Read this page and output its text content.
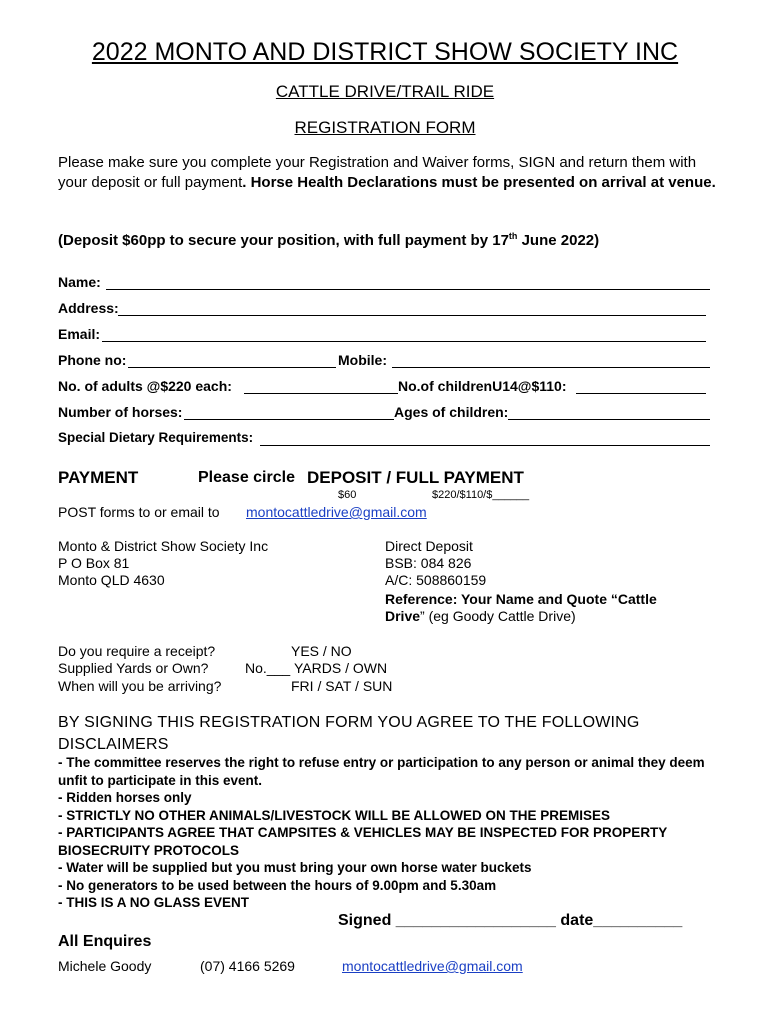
2022 MONTO AND DISTRICT SHOW SOCIETY INC
CATTLE DRIVE/TRAIL RIDE
REGISTRATION FORM
Please make sure you complete your Registration and Waiver forms, SIGN and return them with your deposit or full payment. Horse Health Declarations must be presented on arrival at venue.
(Deposit $60pp to secure your position, with full payment by 17th June 2022)
Name:
Address:
Email:
Phone no:	Mobile:
No. of adults @$220 each:	No.of childrenU14@$110:
Number of horses:	Ages of children:
Special Dietary Requirements:
PAYMENT	Please circle DEPOSIT / FULL PAYMENT
$60	$220/$110/$______
POST forms to or email to montocattledrive@gmail.com
Monto & District Show Society Inc
P O Box 81
Monto QLD 4630
Direct Deposit
BSB: 084 826
A/C: 508860159
Reference: Your Name and Quote “Cattle
Drive” (eg Goody Cattle Drive)
Do you require a receipt?	YES / NO
Supplied Yards or Own?	No.___ YARDS / OWN
When will you be arriving?	FRI / SAT / SUN
BY SIGNING THIS REGISTRATION FORM YOU AGREE TO THE FOLLOWING DISCLAIMERS
- The committee reserves the right to refuse entry or participation to any person or animal they deem unfit to participate in this event.
- Ridden horses only
- STRICTLY NO OTHER ANIMALS/LIVESTOCK WILL BE ALLOWED ON THE PREMISES
- PARTICIPANTS AGREE THAT CAMPSITES & VEHICLES MAY BE INSPECTED FOR PROPERTY BIOSECRUITY PROTOCOLS
- Water will be supplied but you must bring your own horse water buckets
- No generators to be used between the hours of 9.00pm and 5.30am
- THIS IS A NO GLASS EVENT
Signed __________________ date__________
All Enquires
Michele Goody	(07) 4166 5269	montocattledrive@gmail.com
